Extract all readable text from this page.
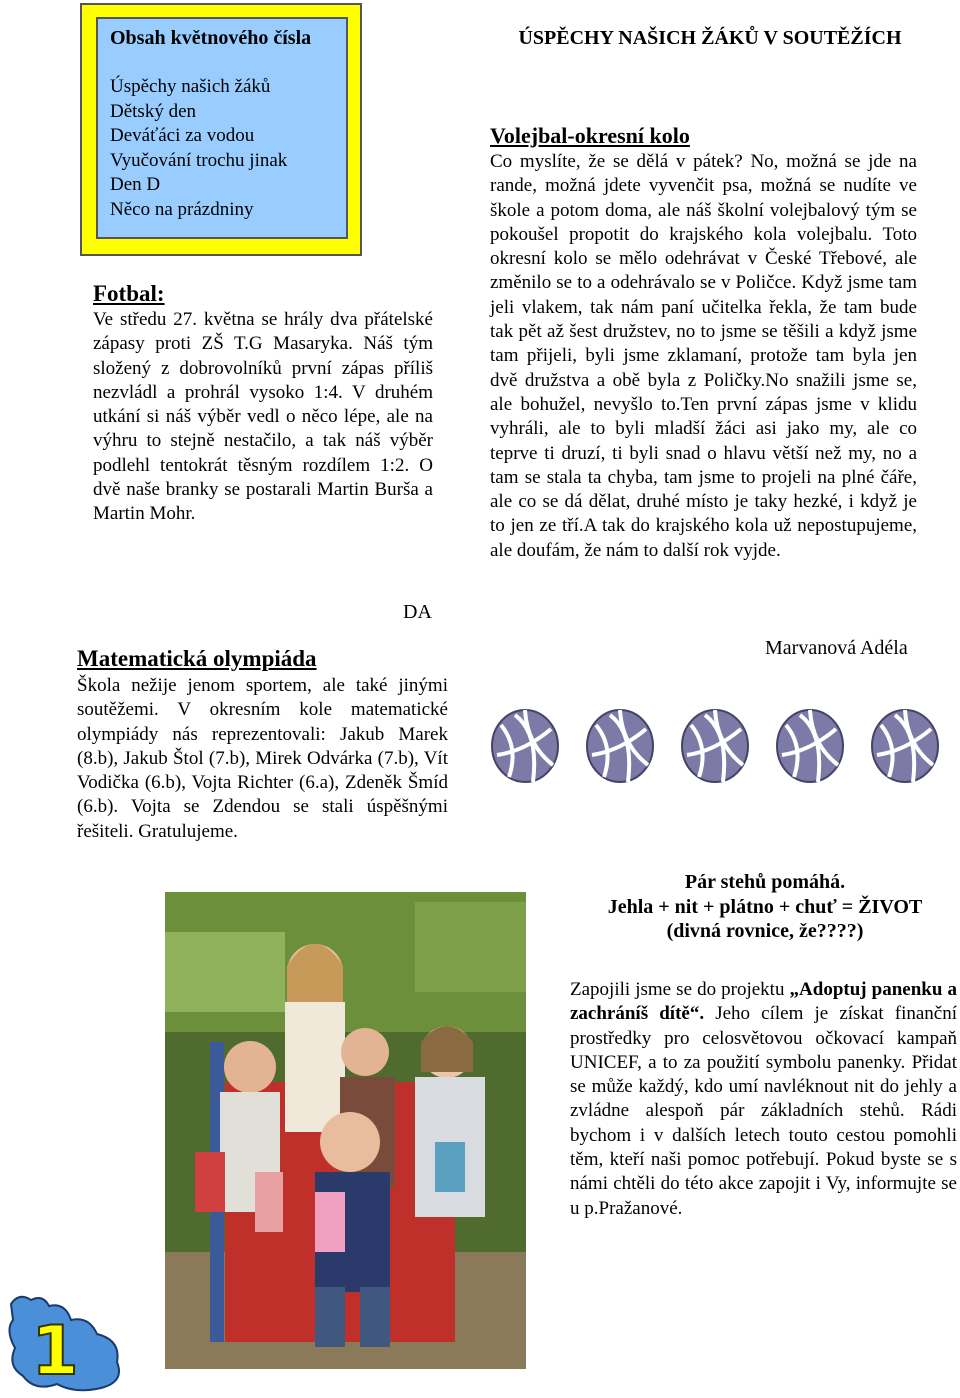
Obsah květnového čísla
Úspěchy našich žáků
Dětský den
Deváťáci za vodou
Vyučování trochu jinak
Den D
Něco na prázdniny
ÚSPĚCHY NAŠICH ŽÁKŮ V SOUTĚŽÍCH
Fotbal:
Ve středu 27. května se hrály dva přátelské zápasy proti ZŠ T.G Masaryka. Náš tým složený z dobrovolníků první zápas příliš nezvládl a prohrál vysoko 1:4. V druhém utkání si náš výběr vedl o něco lépe, ale na výhru to stejně nestačilo, a tak náš výběr podlehl tentokrát těsným rozdílem 1:2. O dvě naše branky se postarali Martin Burša a Martin Mohr.
DA
Matematická olympiáda
Škola nežije jenom sportem, ale také jinými soutěžemi. V okresním kole matematické olympiády nás reprezentovali: Jakub Marek (8.b), Jakub Štol (7.b), Mirek Odvárka (7.b), Vít Vodička (6.b), Vojta Richter (6.a), Zdeněk Šmíd (6.b). Vojta se Zdendou se stali úspěšnými řešiteli. Gratulujeme.
Volejbal-okresní kolo
Co myslíte, že se dělá v pátek? No, možná se jde na rande, možná jdete vyvenčit psa, možná se nudíte ve škole a potom doma, ale náš školní volejbalový tým se pokoušel propotit do krajského kola volejbalu. Toto okresní kolo se mělo odehrávat v České Třebové, ale změnilo se to a odehrávalo se v Poličce. Když jsme tam jeli vlakem, tak nám paní učitelka řekla, že tam bude tak pět až šest družstev, no to jsme se těšili a když jsme tam přijeli, byli jsme zklamaní, protože tam byla jen dvě družstva a obě byla z Poličky.No snažili jsme se, ale bohužel, nevyšlo to.Ten první zápas jsme v klidu vyhráli, ale to byli mladší žáci asi jako my, ale co teprve ti druzí, ti byli snad o hlavu větší než my, no a tam se stala ta chyba, tam jsme to projeli na plné čáře, ale co se dá dělat, druhé místo je taky hezké, i když je to jen ze tří.A tak do krajského kola už nepostupujeme, ale doufám, že nám to další rok vyjde.
Marvanová Adéla
Pár stehů pomáhá.
Jehla + nit + plátno + chuť = ŽIVOT
(divná rovnice, že????)
Zapojili jsme se do projektu „Adoptuj panenku a zachráníš dítě“. Jeho cílem je získat finanční prostředky pro celosvětovou očkovací kampaň UNICEF, a to za použití symbolu panenky. Přidat se může každý, kdo umí navléknout nit do jehly a zvládne alespoň pár základních stehů. Rádi bychom i v dalších letech touto cestou pomohli těm, kteří naši pomoc potřebují. Pokud byste se s námi chtěli do této akce zapojit i Vy, informujte se u p.Pražanové.
1
